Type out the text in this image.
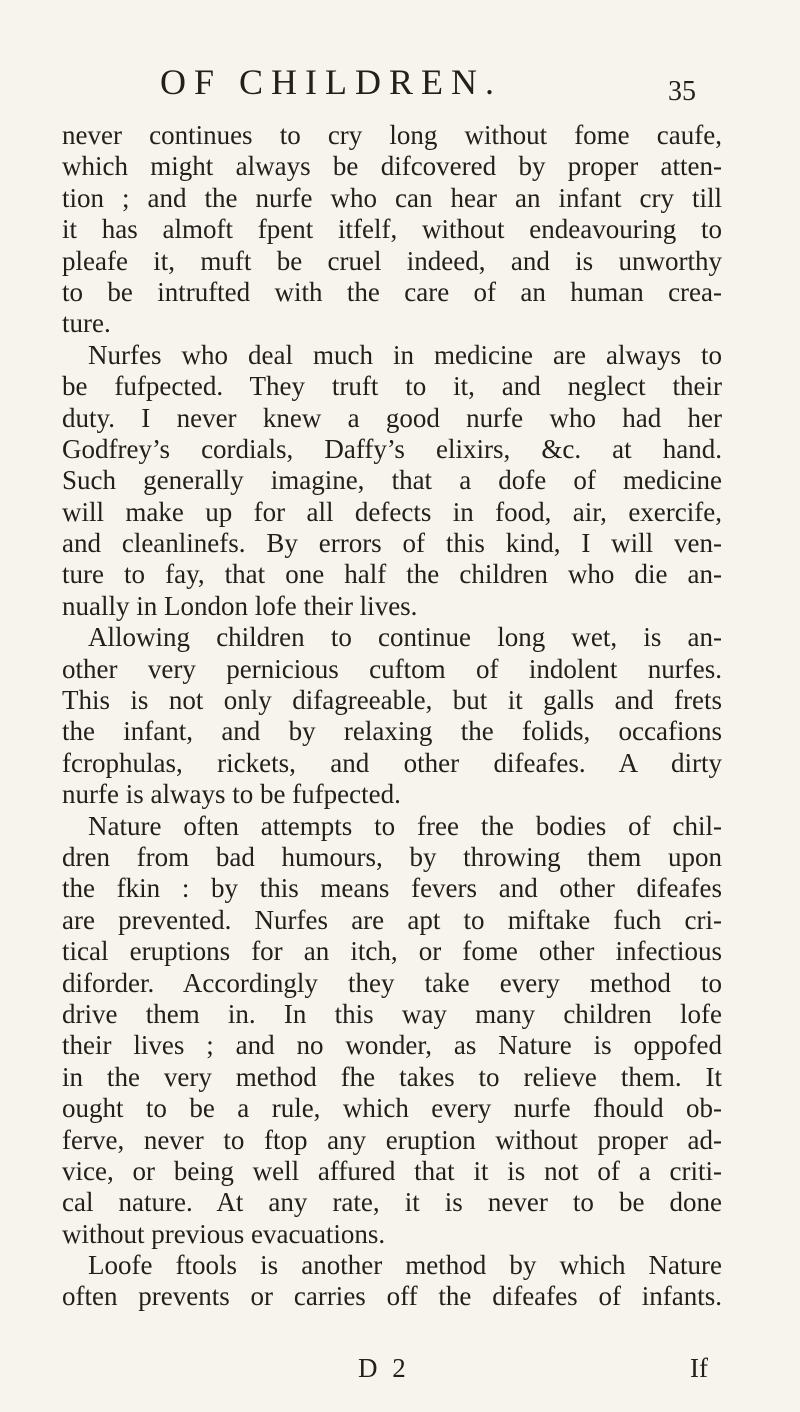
OF CHILDREN.	35
never continues to cry long without fome caufe,
which might always be difcovered by proper atten-
tion ; and the nurfe who can hear an infant cry till
it has almoft fpent itfelf, without endeavouring to
pleafe it, muft be cruel indeed, and is unworthy
to be intrufted with the care of an human crea-
ture.
Nurfes who deal much in medicine are always to
be fufpected. They truft to it, and neglect their
duty. I never knew a good nurfe who had her
Godfrey’s cordials, Daffy’s elixirs, &c. at hand.
Such generally imagine, that a dofe of medicine
will make up for all defects in food, air, exercife,
and cleanlinefs. By errors of this kind, I will ven-
ture to fay, that one half the children who die an-
nually in London lofe their lives.
Allowing children to continue long wet, is an-
other very pernicious cuftom of indolent nurfes.
This is not only difagreeable, but it galls and frets
the infant, and by relaxing the folids, occafions
fcrophulas, rickets, and other difeafes. A dirty
nurfe is always to be fufpected.
Nature often attempts to free the bodies of chil-
dren from bad humours, by throwing them upon
the fkin : by this means fevers and other difeafes
are prevented. Nurfes are apt to miftake fuch cri-
tical eruptions for an itch, or fome other infectious
diforder. Accordingly they take every method to
drive them in. In this way many children lofe
their lives ; and no wonder, as Nature is oppofed
in the very method fhe takes to relieve them. It
ought to be a rule, which every nurfe fhould ob-
ferve, never to ftop any eruption without proper ad-
vice, or being well affured that it is not of a criti-
cal nature. At any rate, it is never to be done
without previous evacuations.
Loofe ftools is another method by which Nature
often prevents or carries off the difeafes of infants.
D 2	If
